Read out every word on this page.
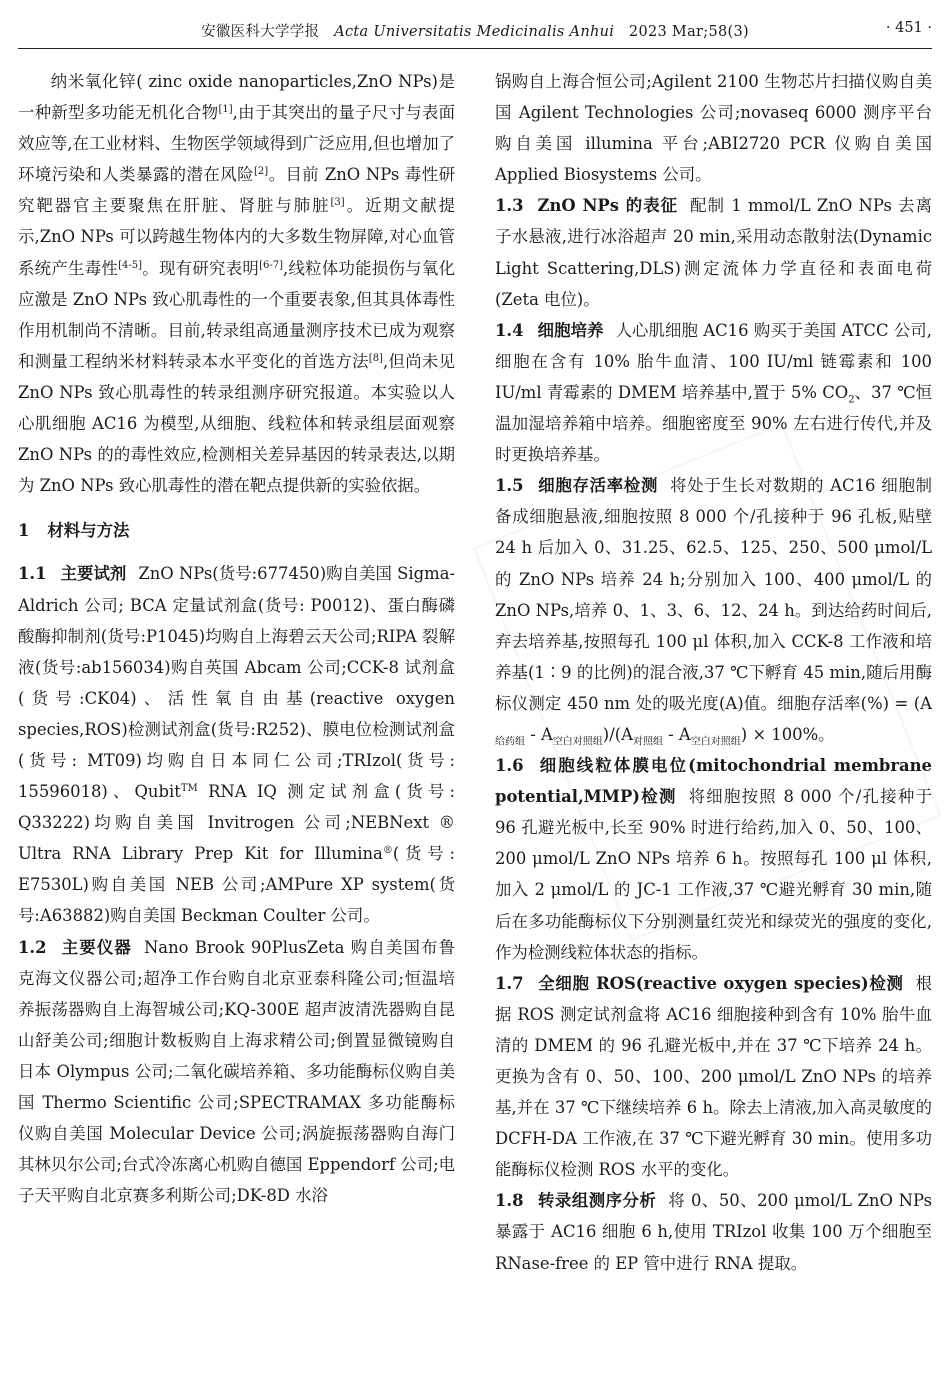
安徽医科大学学报 Acta Universitatis Medicinalis Anhui 2023 Mar;58(3)	· 451 ·

纳米氧化锌( zinc oxide nanoparticles,ZnO NPs)是一种新型多功能无机化合物[1],由于其突出的量子尺寸与表面效应等,在工业材料、生物医学领域得到广泛应用,但也增加了环境污染和人类暴露的潜在风险[2]。目前 ZnO NPs 毒性研究靶器官主要聚焦在肝脏、肾脏与肺脏[3]。近期文献提示,ZnO NPs 可以跨越生物体内的大多数生物屏障,对心血管系统产生毒性[4-5]。现有研究表明[6-7],线粒体功能损伤与氧化应激是 ZnO NPs 致心肌毒性的一个重要表象,但其具体毒性作用机制尚不清晰。目前,转录组高通量测序技术已成为观察和测量工程纳米材料转录本水平变化的首选方法[8],但尚未见 ZnO NPs 致心肌毒性的转录组测序研究报道。本实验以人心肌细胞 AC16 为模型,从细胞、线粒体和转录组层面观察 ZnO NPs 的的毒性效应,检测相关差异基因的转录表达,以期为 ZnO NPs 致心肌毒性的潜在靶点提供新的实验依据。

1 材料与方法

1.1 主要试剂 ZnO NPs(货号:677450)购自美国 Sigma-Aldrich 公司; BCA 定量试剂盒(货号: P0012)、蛋白酶磷酸酶抑制剂(货号:P1045)均购自上海碧云天公司;RIPA 裂解液(货号:ab156034)购自英国 Abcam 公司;CCK-8 试剂盒(货号:CK04)、活性氧自由基(reactive oxygen species,ROS)检测试剂盒(货号:R252)、膜电位检测试剂盒(货号: MT09)均购自日本同仁公司;TRIzol(货号: 15596018)、Qubit™ RNA IQ 测定试剂盒(货号: Q33222)均购自美国 Invitrogen 公司;NEBNext ® Ultra RNA Library Prep Kit for Illumina®(货号: E7530L)购自美国 NEB 公司;AMPure XP system(货号:A63882)购自美国 Beckman Coulter 公司。

1.2 主要仪器 Nano Brook 90PlusZeta 购自美国布鲁克海文仪器公司;超净工作台购自北京亚泰科隆公司;恒温培养振荡器购自上海智城公司;KQ-300E 超声波清洗器购自昆山舒美公司;细胞计数板购自上海求精公司;倒置显微镜购自日本 Olympus 公司;二氧化碳培养箱、多功能酶标仪购自美国 Thermo Scientific 公司;SPECTRAMAX 多功能酶标仪购自美国 Molecular Device 公司;涡旋振荡器购自海门其林贝尔公司;台式冷冻离心机购自德国 Eppendorf 公司;电子天平购自北京赛多利斯公司;DK-8D 水浴

锅购自上海合恒公司;Agilent 2100 生物芯片扫描仪购自美国 Agilent Technologies 公司;novaseq 6000 测序平台购自美国 illumina 平台;ABI2720 PCR 仪购自美国 Applied Biosystems 公司。

1.3 ZnO NPs 的表征 配制 1 mmol/L ZnO NPs 去离子水悬液,进行冰浴超声 20 min,采用动态散射法(Dynamic Light Scattering,DLS)测定流体力学直径和表面电荷(Zeta 电位)。

1.4 细胞培养 人心肌细胞 AC16 购买于美国 ATCC 公司,细胞在含有 10% 胎牛血清、100 IU/ml 链霉素和 100 IU/ml 青霉素的 DMEM 培养基中,置于 5% $CO_2$、37 ℃恒温加湿培养箱中培养。细胞密度至 90% 左右进行传代,并及时更换培养基。

1.5 细胞存活率检测 将处于生长对数期的 AC16 细胞制备成细胞悬液,细胞按照 8 000 个/孔接种于 96 孔板,贴壁 24 h 后加入 0、31.25、62.5、125、250、500 μmol/L 的 ZnO NPs 培养 24 h;分别加入 100、400 μmol/L 的 ZnO NPs,培养 0、1、3、6、12、24 h。到达给药时间后,弃去培养基,按照每孔 100 μl 体积,加入 CCK-8 工作液和培养基(1∶9 的比例)的混合液,37 ℃下孵育 45 min,随后用酶标仪测定 450 nm 处的吸光度(A)值。细胞存活率(%) = $(A_{给药组} - A_{空白对照组})/(A_{对照组} - A_{空白对照组}) \times 100\%$。

1.6 细胞线粒体膜电位(mitochondrial membrane potential,MMP)检测 将细胞按照 8 000 个/孔接种于 96 孔避光板中,长至 90% 时进行给药,加入 0、50、100、200 μmol/L ZnO NPs 培养 6 h。按照每孔 100 μl 体积,加入 2 μmol/L 的 JC-1 工作液,37 ℃避光孵育 30 min,随后在多功能酶标仪下分别测量红荧光和绿荧光的强度的变化,作为检测线粒体状态的指标。

1.7 全细胞 ROS(reactive oxygen species)检测 根据 ROS 测定试剂盒将 AC16 细胞接种到含有 10% 胎牛血清的 DMEM 的 96 孔避光板中,并在 37 ℃下培养 24 h。更换为含有 0、50、100、200 μmol/L ZnO NPs 的培养基,并在 37 ℃下继续培养 6 h。除去上清液,加入高灵敏度的 DCFH-DA 工作液,在 37 ℃下避光孵育 30 min。使用多功能酶标仪检测 ROS 水平的变化。

1.8 转录组测序分析 将 0、50、200 μmol/L ZnO NPs 暴露于 AC16 细胞 6 h,使用 TRIzol 收集 100 万个细胞至 RNase-free 的 EP 管中进行 RNA 提取。
